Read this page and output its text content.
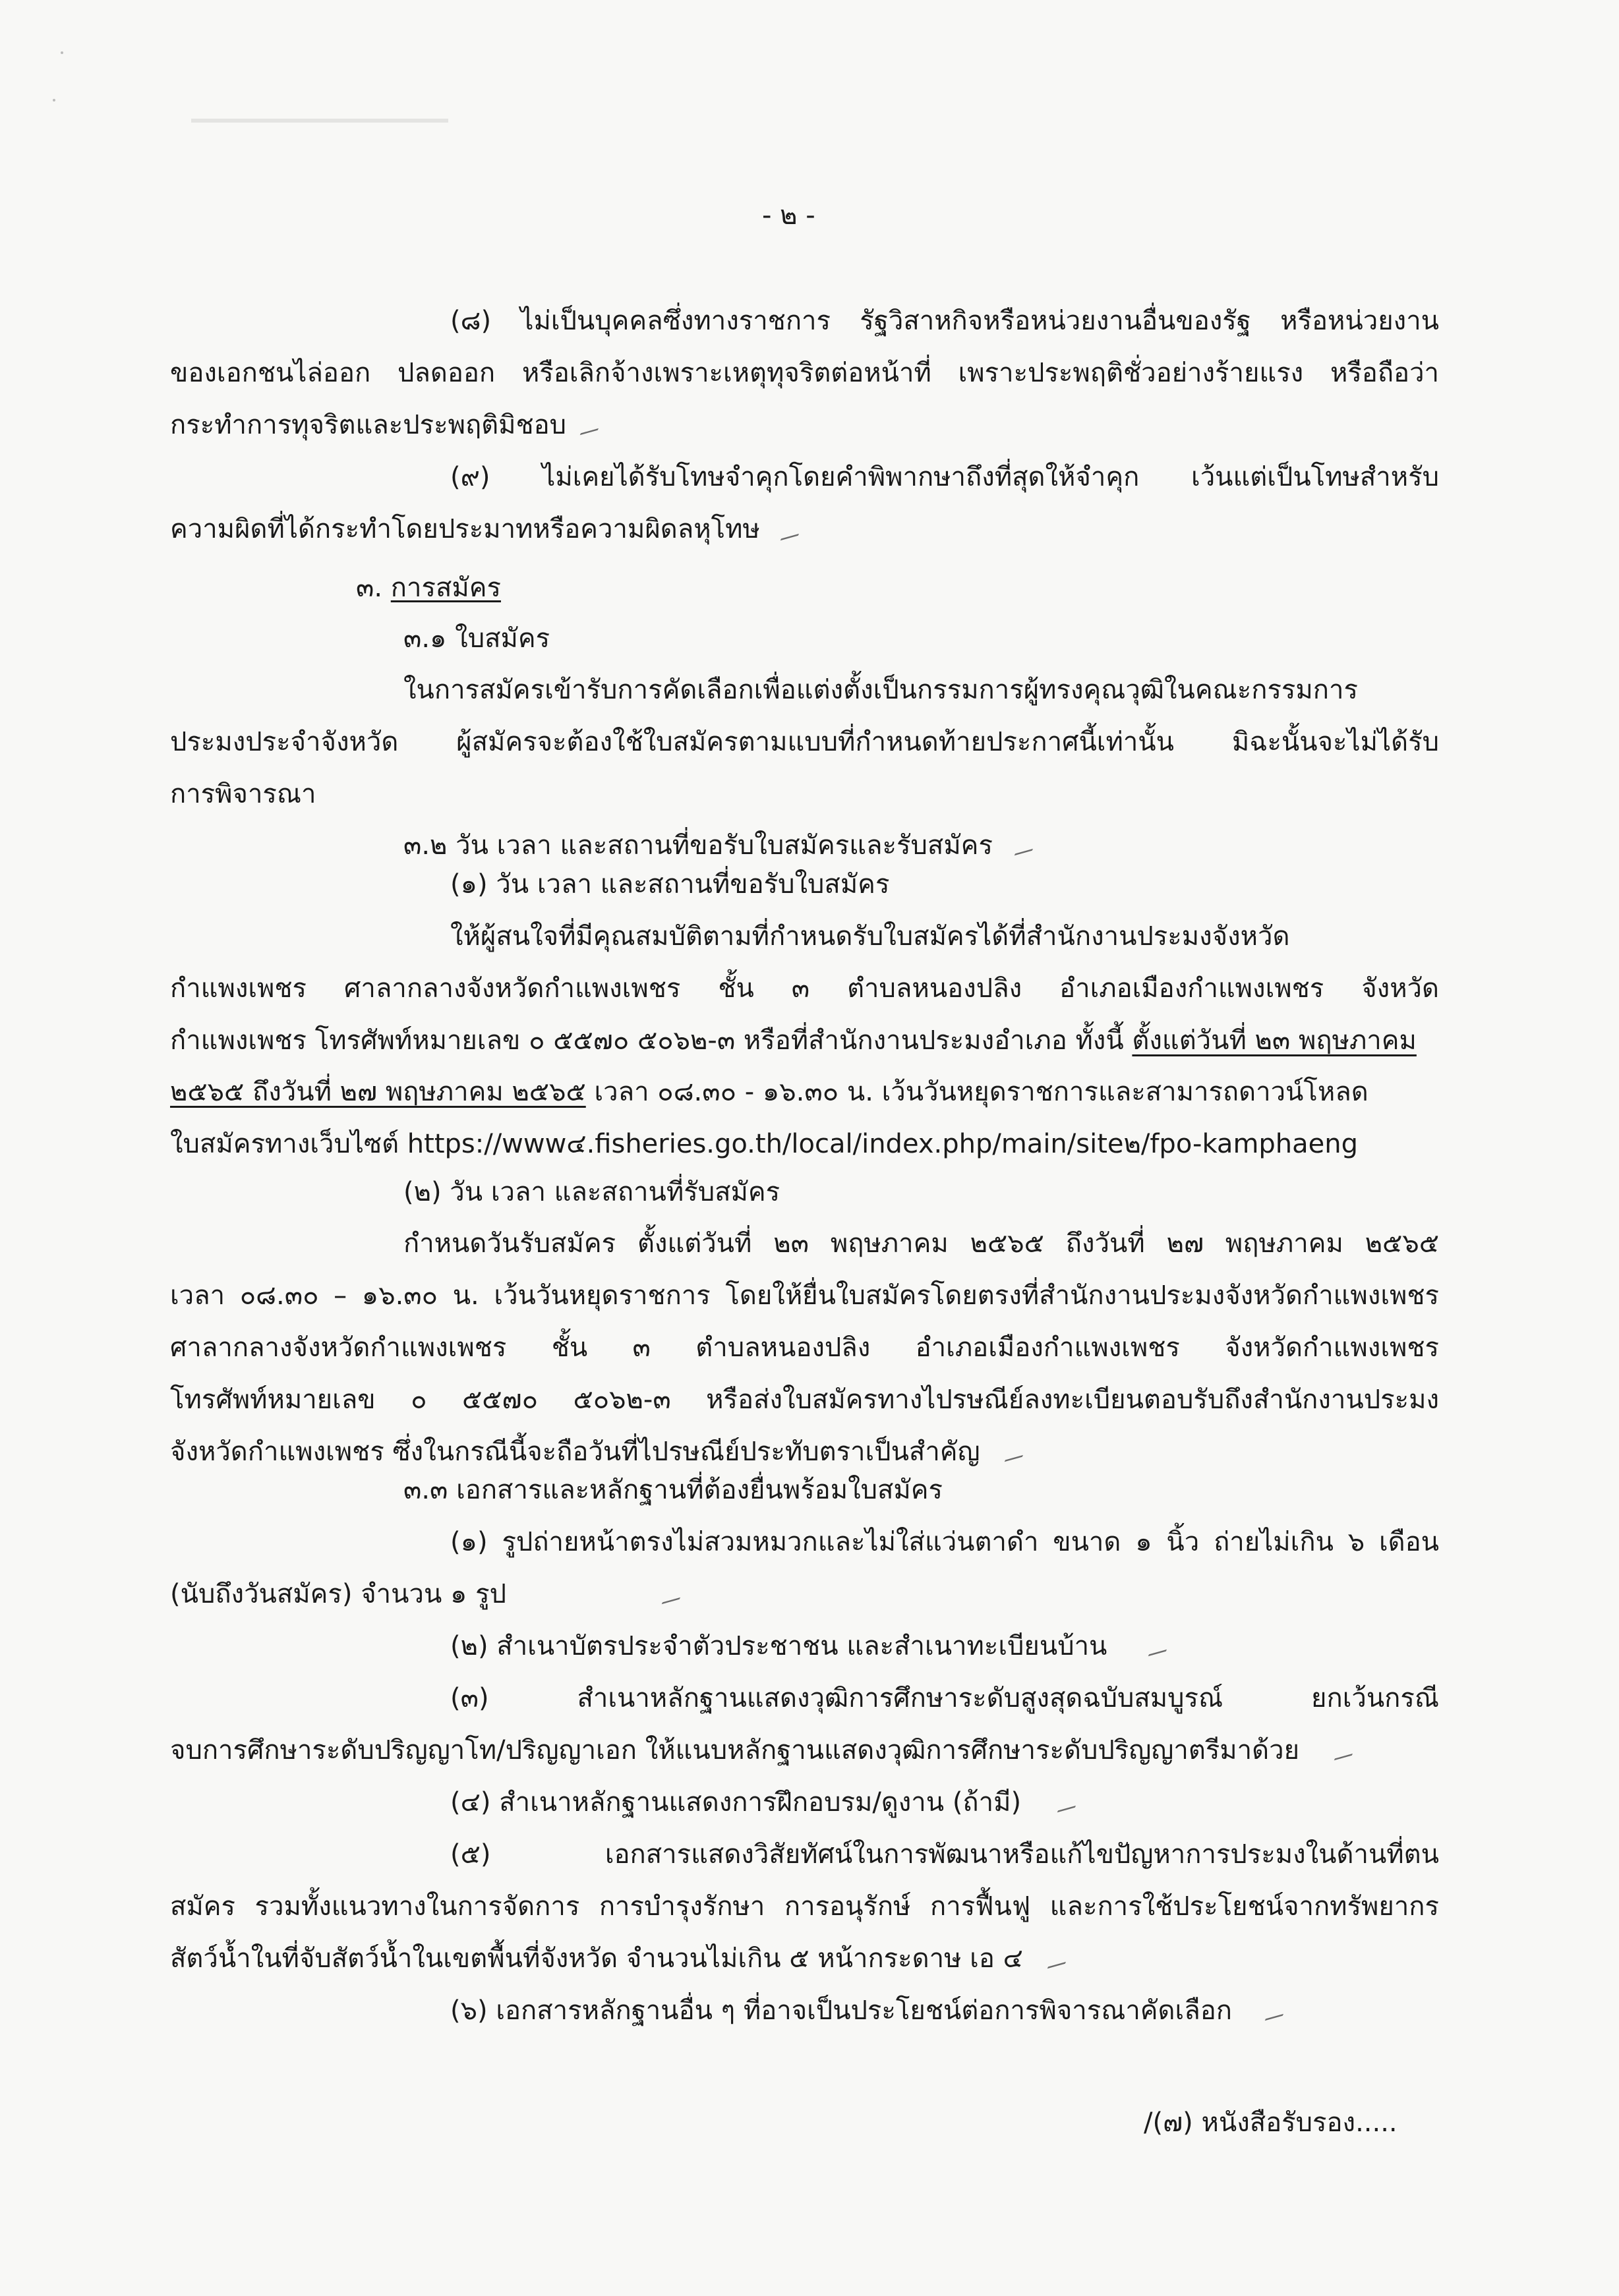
- ๒ -
(๘) ไม่เป็นบุคคลซึ่งทางราชการ รัฐวิสาหกิจหรือหน่วยงานอื่นของรัฐ หรือหน่วยงาน
ของเอกชนไล่ออก ปลดออก หรือเลิกจ้างเพราะเหตุทุจริตต่อหน้าที่ เพราะประพฤติชั่วอย่างร้ายแรง หรือถือว่า
กระทำการทุจริตและประพฤติมิชอบ
(๙) ไม่เคยได้รับโทษจำคุกโดยคำพิพากษาถึงที่สุดให้จำคุก เว้นแต่เป็นโทษสำหรับ
ความผิดที่ได้กระทำโดยประมาทหรือความผิดลหุโทษ
๓. การสมัคร
๓.๑ ใบสมัคร
ในการสมัครเข้ารับการคัดเลือกเพื่อแต่งตั้งเป็นกรรมการผู้ทรงคุณวุฒิในคณะกรรมการ
ประมงประจำจังหวัด ผู้สมัครจะต้องใช้ใบสมัครตามแบบที่กำหนดท้ายประกาศนี้เท่านั้น มิฉะนั้นจะไม่ได้รับ
การพิจารณา
๓.๒ วัน เวลา และสถานที่ขอรับใบสมัครและรับสมัคร
(๑) วัน เวลา และสถานที่ขอรับใบสมัคร
ให้ผู้สนใจที่มีคุณสมบัติตามที่กำหนดรับใบสมัครได้ที่สำนักงานประมงจังหวัด
กำแพงเพชร ศาลากลางจังหวัดกำแพงเพชร ชั้น ๓ ตำบลหนองปลิง อำเภอเมืองกำแพงเพชร จังหวัด
กำแพงเพชร โทรศัพท์หมายเลข ๐ ๕๕๗๐ ๕๐๖๒-๓ หรือที่สำนักงานประมงอำเภอ ทั้งนี้ ตั้งแต่วันที่ ๒๓ พฤษภาคม
๒๕๖๕ ถึงวันที่ ๒๗ พฤษภาคม ๒๕๖๕ เวลา ๐๘.๓๐ - ๑๖.๓๐ น. เว้นวันหยุดราชการและสามารถดาวน์โหลด
ใบสมัครทางเว็บไซต์ https://www๔.fisheries.go.th/local/index.php/main/site๒/fpo-kamphaeng
(๒) วัน เวลา และสถานที่รับสมัคร
กำหนดวันรับสมัคร ตั้งแต่วันที่ ๒๓ พฤษภาคม ๒๕๖๕ ถึงวันที่ ๒๗ พฤษภาคม ๒๕๖๕
เวลา ๐๘.๓๐ – ๑๖.๓๐ น. เว้นวันหยุดราชการ โดยให้ยื่นใบสมัครโดยตรงที่สำนักงานประมงจังหวัดกำแพงเพชร
ศาลากลางจังหวัดกำแพงเพชร ชั้น ๓ ตำบลหนองปลิง อำเภอเมืองกำแพงเพชร จังหวัดกำแพงเพชร
โทรศัพท์หมายเลข ๐ ๕๕๗๐ ๕๐๖๒-๓ หรือส่งใบสมัครทางไปรษณีย์ลงทะเบียนตอบรับถึงสำนักงานประมง
จังหวัดกำแพงเพชร ซึ่งในกรณีนี้จะถือวันที่ไปรษณีย์ประทับตราเป็นสำคัญ
๓.๓ เอกสารและหลักฐานที่ต้องยื่นพร้อมใบสมัคร
(๑) รูปถ่ายหน้าตรงไม่สวมหมวกและไม่ใส่แว่นตาดำ ขนาด ๑ นิ้ว ถ่ายไม่เกิน ๖ เดือน
(นับถึงวันสมัคร) จำนวน ๑ รูป
(๒) สำเนาบัตรประจำตัวประชาชน และสำเนาทะเบียนบ้าน
(๓) สำเนาหลักฐานแสดงวุฒิการศึกษาระดับสูงสุดฉบับสมบูรณ์ ยกเว้นกรณี
จบการศึกษาระดับปริญญาโท/ปริญญาเอก ให้แนบหลักฐานแสดงวุฒิการศึกษาระดับปริญญาตรีมาด้วย
(๔) สำเนาหลักฐานแสดงการฝึกอบรม/ดูงาน (ถ้ามี)
(๕) เอกสารแสดงวิสัยทัศน์ในการพัฒนาหรือแก้ไขปัญหาการประมงในด้านที่ตน
สมัคร รวมทั้งแนวทางในการจัดการ การบำรุงรักษา การอนุรักษ์ การฟื้นฟู และการใช้ประโยชน์จากทรัพยากร
สัตว์น้ำในที่จับสัตว์น้ำในเขตพื้นที่จังหวัด จำนวนไม่เกิน ๕ หน้ากระดาษ เอ ๔
(๖) เอกสารหลักฐานอื่น ๆ ที่อาจเป็นประโยชน์ต่อการพิจารณาคัดเลือก
/(๗) หนังสือรับรอง.....
